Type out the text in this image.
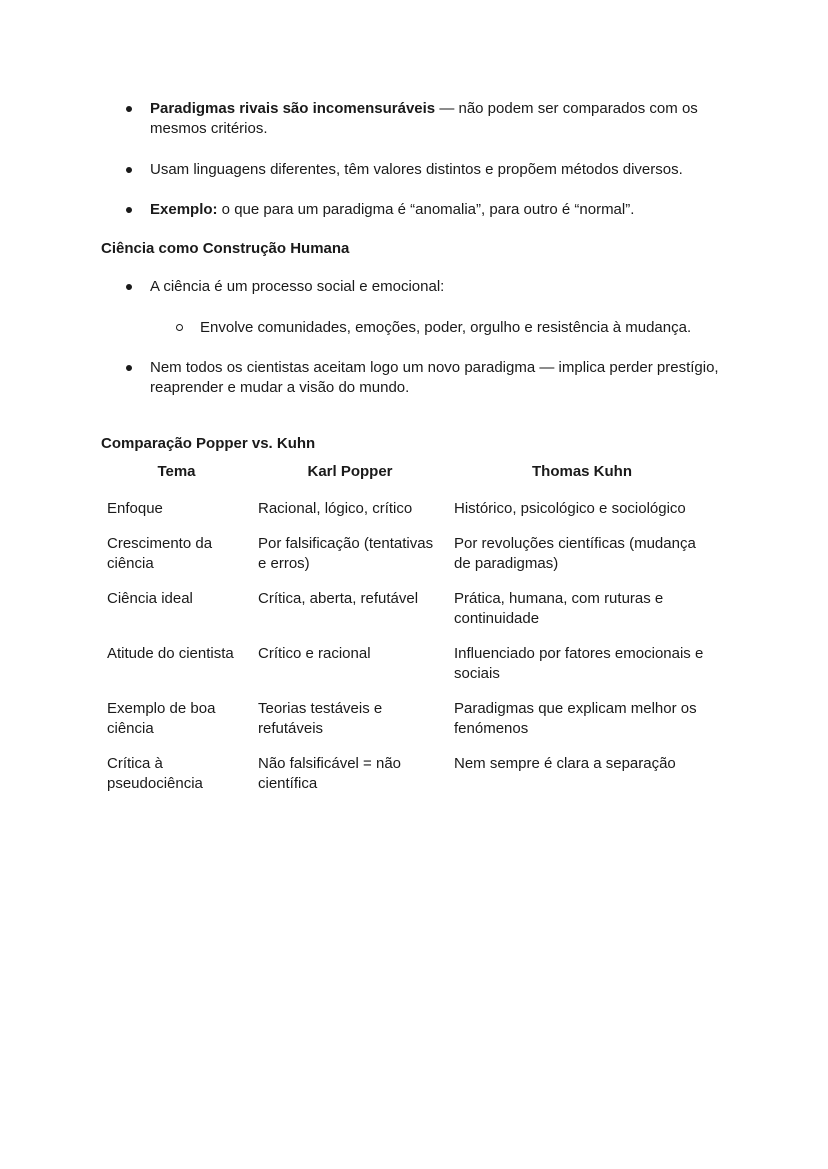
Paradigmas rivais são incomensuráveis — não podem ser comparados com os mesmos critérios.
Usam linguagens diferentes, têm valores distintos e propõem métodos diversos.
Exemplo: o que para um paradigma é “anomalia”, para outro é “normal”.
Ciência como Construção Humana
A ciência é um processo social e emocional:
Envolve comunidades, emoções, poder, orgulho e resistência à mudança.
Nem todos os cientistas aceitam logo um novo paradigma — implica perder prestígio, reaprender e mudar a visão do mundo.
Comparação Popper vs. Kuhn
Tema	Karl Popper	Thomas Kuhn
Enfoque	Racional, lógico, crítico	Histórico, psicológico e sociológico
Crescimento da ciência	Por falsificação (tentativas e erros)	Por revoluções científicas (mudança de paradigmas)
Ciência ideal	Crítica, aberta, refutável	Prática, humana, com ruturas e continuidade
Atitude do cientista	Crítico e racional	Influenciado por fatores emocionais e sociais
Exemplo de boa ciência	Teorias testáveis e refutáveis	Paradigmas que explicam melhor os fenómenos
Crítica à pseudociência	Não falsificável = não científica	Nem sempre é clara a separação
